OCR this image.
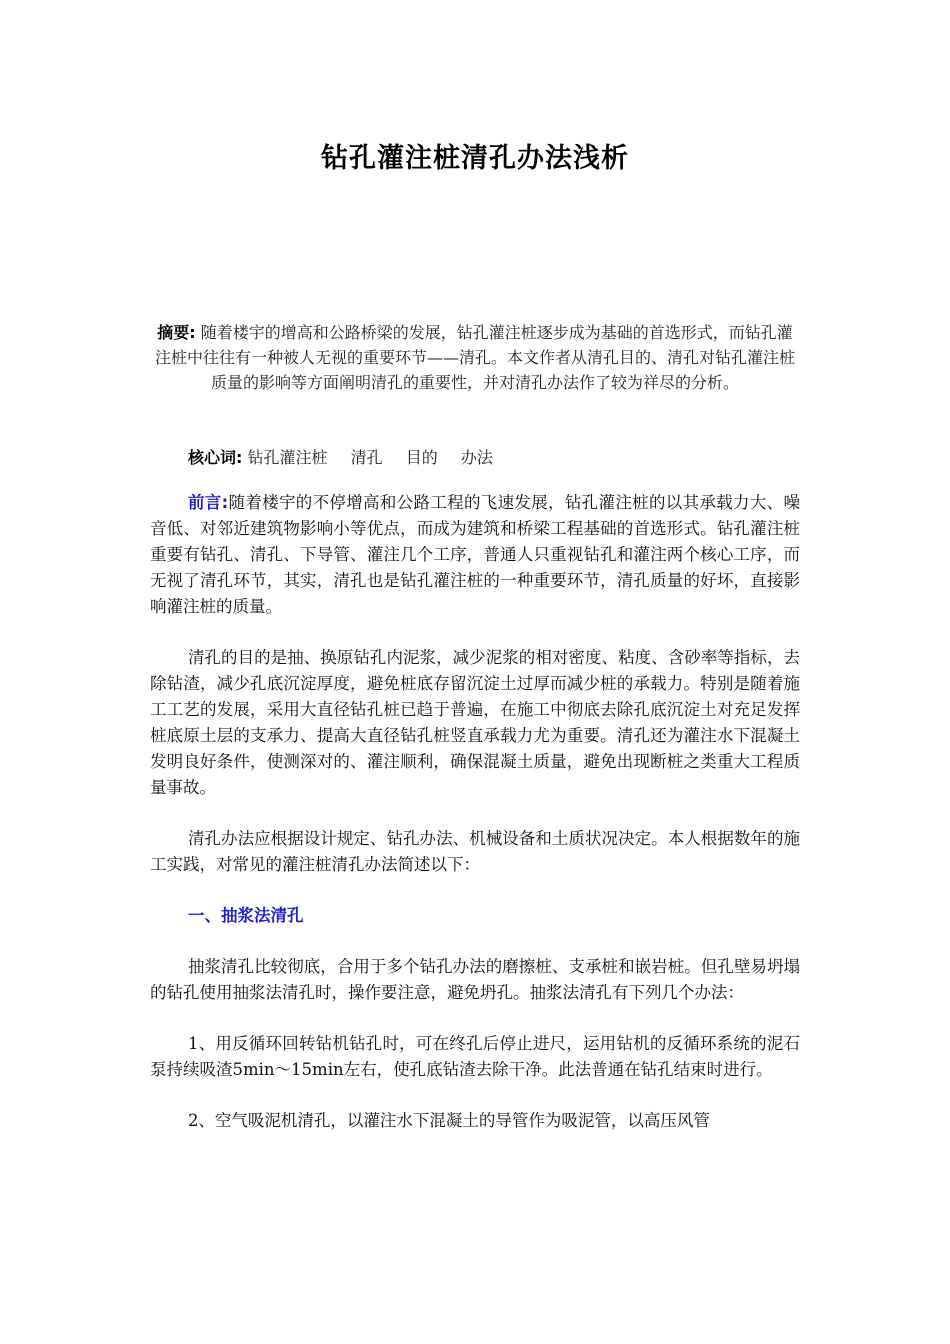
钻孔灌注桩清孔办法浅析
摘要: 随着楼宇的增高和公路桥梁的发展，钻孔灌注桩逐步成为基础的首选形式，而钻孔灌注桩中往往有一种被人无视的重要环节——清孔。本文作者从清孔目的、清孔对钻孔灌注桩质量的影响等方面阐明清孔的重要性，并对清孔办法作了较为祥尽的分析。
核心词: 钻孔灌注桩 清孔 目的 办法

前言:随着楼宇的不停增高和公路工程的飞速发展，钻孔灌注桩的以其承载力大、噪音低、对邻近建筑物影响小等优点，而成为建筑和桥梁工程基础的首选形式。钻孔灌注桩重要有钻孔、清孔、下导管、灌注几个工序，普通人只重视钻孔和灌注两个核心工序，而无视了清孔环节，其实，清孔也是钻孔灌注桩的一种重要环节，清孔质量的好坏，直接影响灌注桩的质量。

清孔的目的是抽、换原钻孔内泥浆，减少泥浆的相对密度、粘度、含砂率等指标，去除钻渣，减少孔底沉淀厚度，避免桩底存留沉淀土过厚而减少桩的承载力。特别是随着施工工艺的发展，采用大直径钻孔桩已趋于普遍，在施工中彻底去除孔底沉淀土对充足发挥桩底原土层的支承力、提高大直径钻孔桩竖直承载力尤为重要。清孔还为灌注水下混凝土发明良好条件，使测深对的、灌注顺利，确保混凝土质量，避免出现断桩之类重大工程质量事故。

清孔办法应根据设计规定、钻孔办法、机械设备和土质状况决定。本人根据数年的施工实践，对常见的灌注桩清孔办法简述以下：

一、抽浆法清孔

抽浆清孔比较彻底，合用于多个钻孔办法的磨擦桩、支承桩和嵌岩桩。但孔壁易坍塌的钻孔使用抽浆法清孔时，操作要注意，避免坍孔。抽浆法清孔有下列几个办法：

1、用反循环回转钻机钻孔时，可在终孔后停止进尺，运用钻机的反循环系统的泥石泵持续吸渣5min～15min左右，使孔底钻渣去除干净。此法普通在钻孔结束时进行。

2、空气吸泥机清孔，以灌注水下混凝土的导管作为吸泥管，以高压风管
